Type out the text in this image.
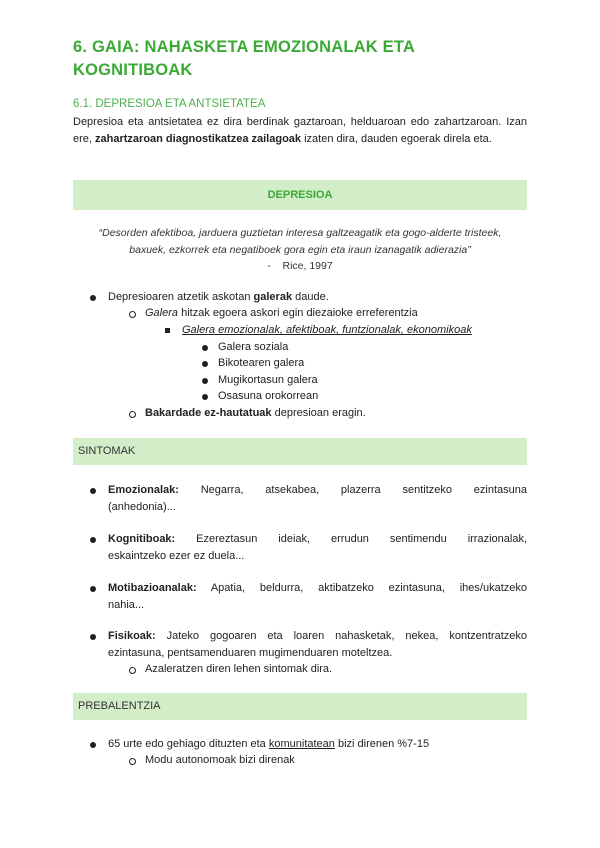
6. GAIA: NAHASKETA EMOZIONALAK ETA KOGNITIBOAK
6.1. DEPRESIOA ETA ANTSIETATEA
Depresioa eta antsietatea ez dira berdinak gaztaroan, helduaroan edo zahartzaroan. Izan ere, zahartzaroan diagnostikatzea zailagoak izaten dira, dauden egoerak direla eta.
DEPRESIOA
“Desorden afektiboa, jarduera guztietan interesa galtzeagatik eta gogo-alderte tristeek,
baxuek, ezkorrek eta negatiboek gora egin eta iraun izanagatik adierazia”
- Rice, 1997
Depresioaren atzetik askotan galerak daude.
Galera hitzak egoera askori egin diezaioke erreferentzia
Galera emozionalak, afektiboak, funtzionalak, ekonomikoak
Galera soziala
Bikotearen galera
Mugikortasun galera
Osasuna orokorrean
Bakardade ez-hautatuak depresioan eragin.
SINTOMAK
Emozionalak: Negarra, atsekabea, plazerra sentitzeko ezintasuna
(anhedonia)...
Kognitiboak: Ezereztasun ideiak, errudun sentimendu irrazionalak,
eskaintzeko ezer ez duela...
Motibazioanalak: Apatia, beldurra, aktibatzeko ezintasuna, ihes/ukatzeko
nahia...
Fisikoak: Jateko gogoaren eta loaren nahasketak, nekea, kontzentratzeko
ezintasuna, pentsamenduaren mugimenduaren moteltzea.
Azaleratzen diren lehen sintomak dira.
PREBALENTZIA
65 urte edo gehiago dituzten eta komunitatean bizi direnen %7-15
Modu autonomoak bizi direnak
